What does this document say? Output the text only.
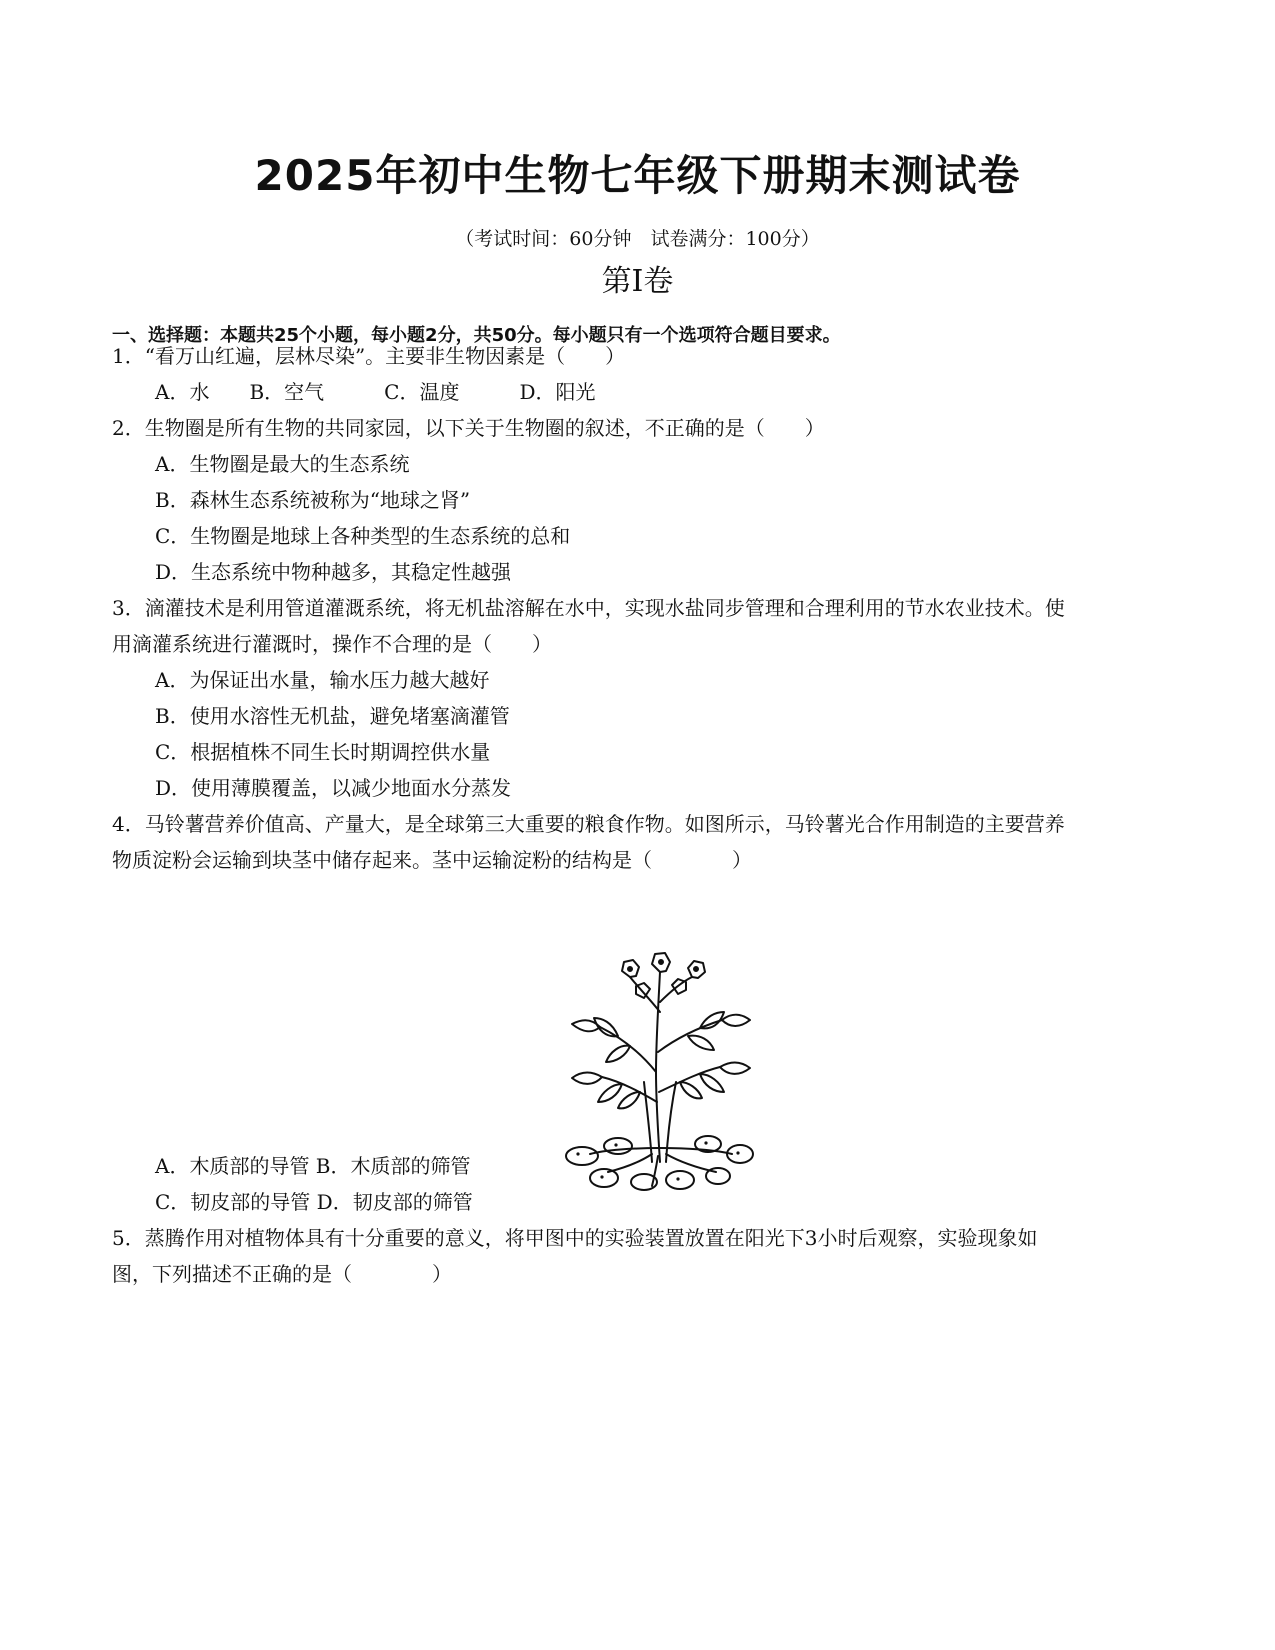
2025年初中生物七年级下册期末测试卷
（考试时间：60分钟　试卷满分：100分）
第Ⅰ卷
一、选择题：本题共25个小题，每小题2分，共50分。每小题只有一个选项符合题目要求。
1．“看万山红遍，层林尽染”。主要非生物因素是（　　）
A．水　　B．空气　　　C．温度　　　D．阳光
2．生物圈是所有生物的共同家园，以下关于生物圈的叙述，不正确的是（　　）
A．生物圈是最大的生态系统
B．森林生态系统被称为“地球之肾”
C．生物圈是地球上各种类型的生态系统的总和
D．生态系统中物种越多，其稳定性越强
3．滴灌技术是利用管道灌溉系统，将无机盐溶解在水中，实现水盐同步管理和合理利用的节水农业技术。使
用滴灌系统进行灌溉时，操作不合理的是（　　）
A．为保证出水量，输水压力越大越好
B．使用水溶性无机盐，避免堵塞滴灌管
C．根据植株不同生长时期调控供水量
D．使用薄膜覆盖，以减少地面水分蒸发
4．马铃薯营养价值高、产量大，是全球第三大重要的粮食作物。如图所示，马铃薯光合作用制造的主要营养
物质淀粉会运输到块茎中储存起来。茎中运输淀粉的结构是（　　　　）
A．木质部的导管 B．木质部的筛管
C．韧皮部的导管 D．韧皮部的筛管
5．蒸腾作用对植物体具有十分重要的意义，将甲图中的实验装置放置在阳光下3小时后观察，实验现象如
图，下列描述不正确的是（　　　　）
